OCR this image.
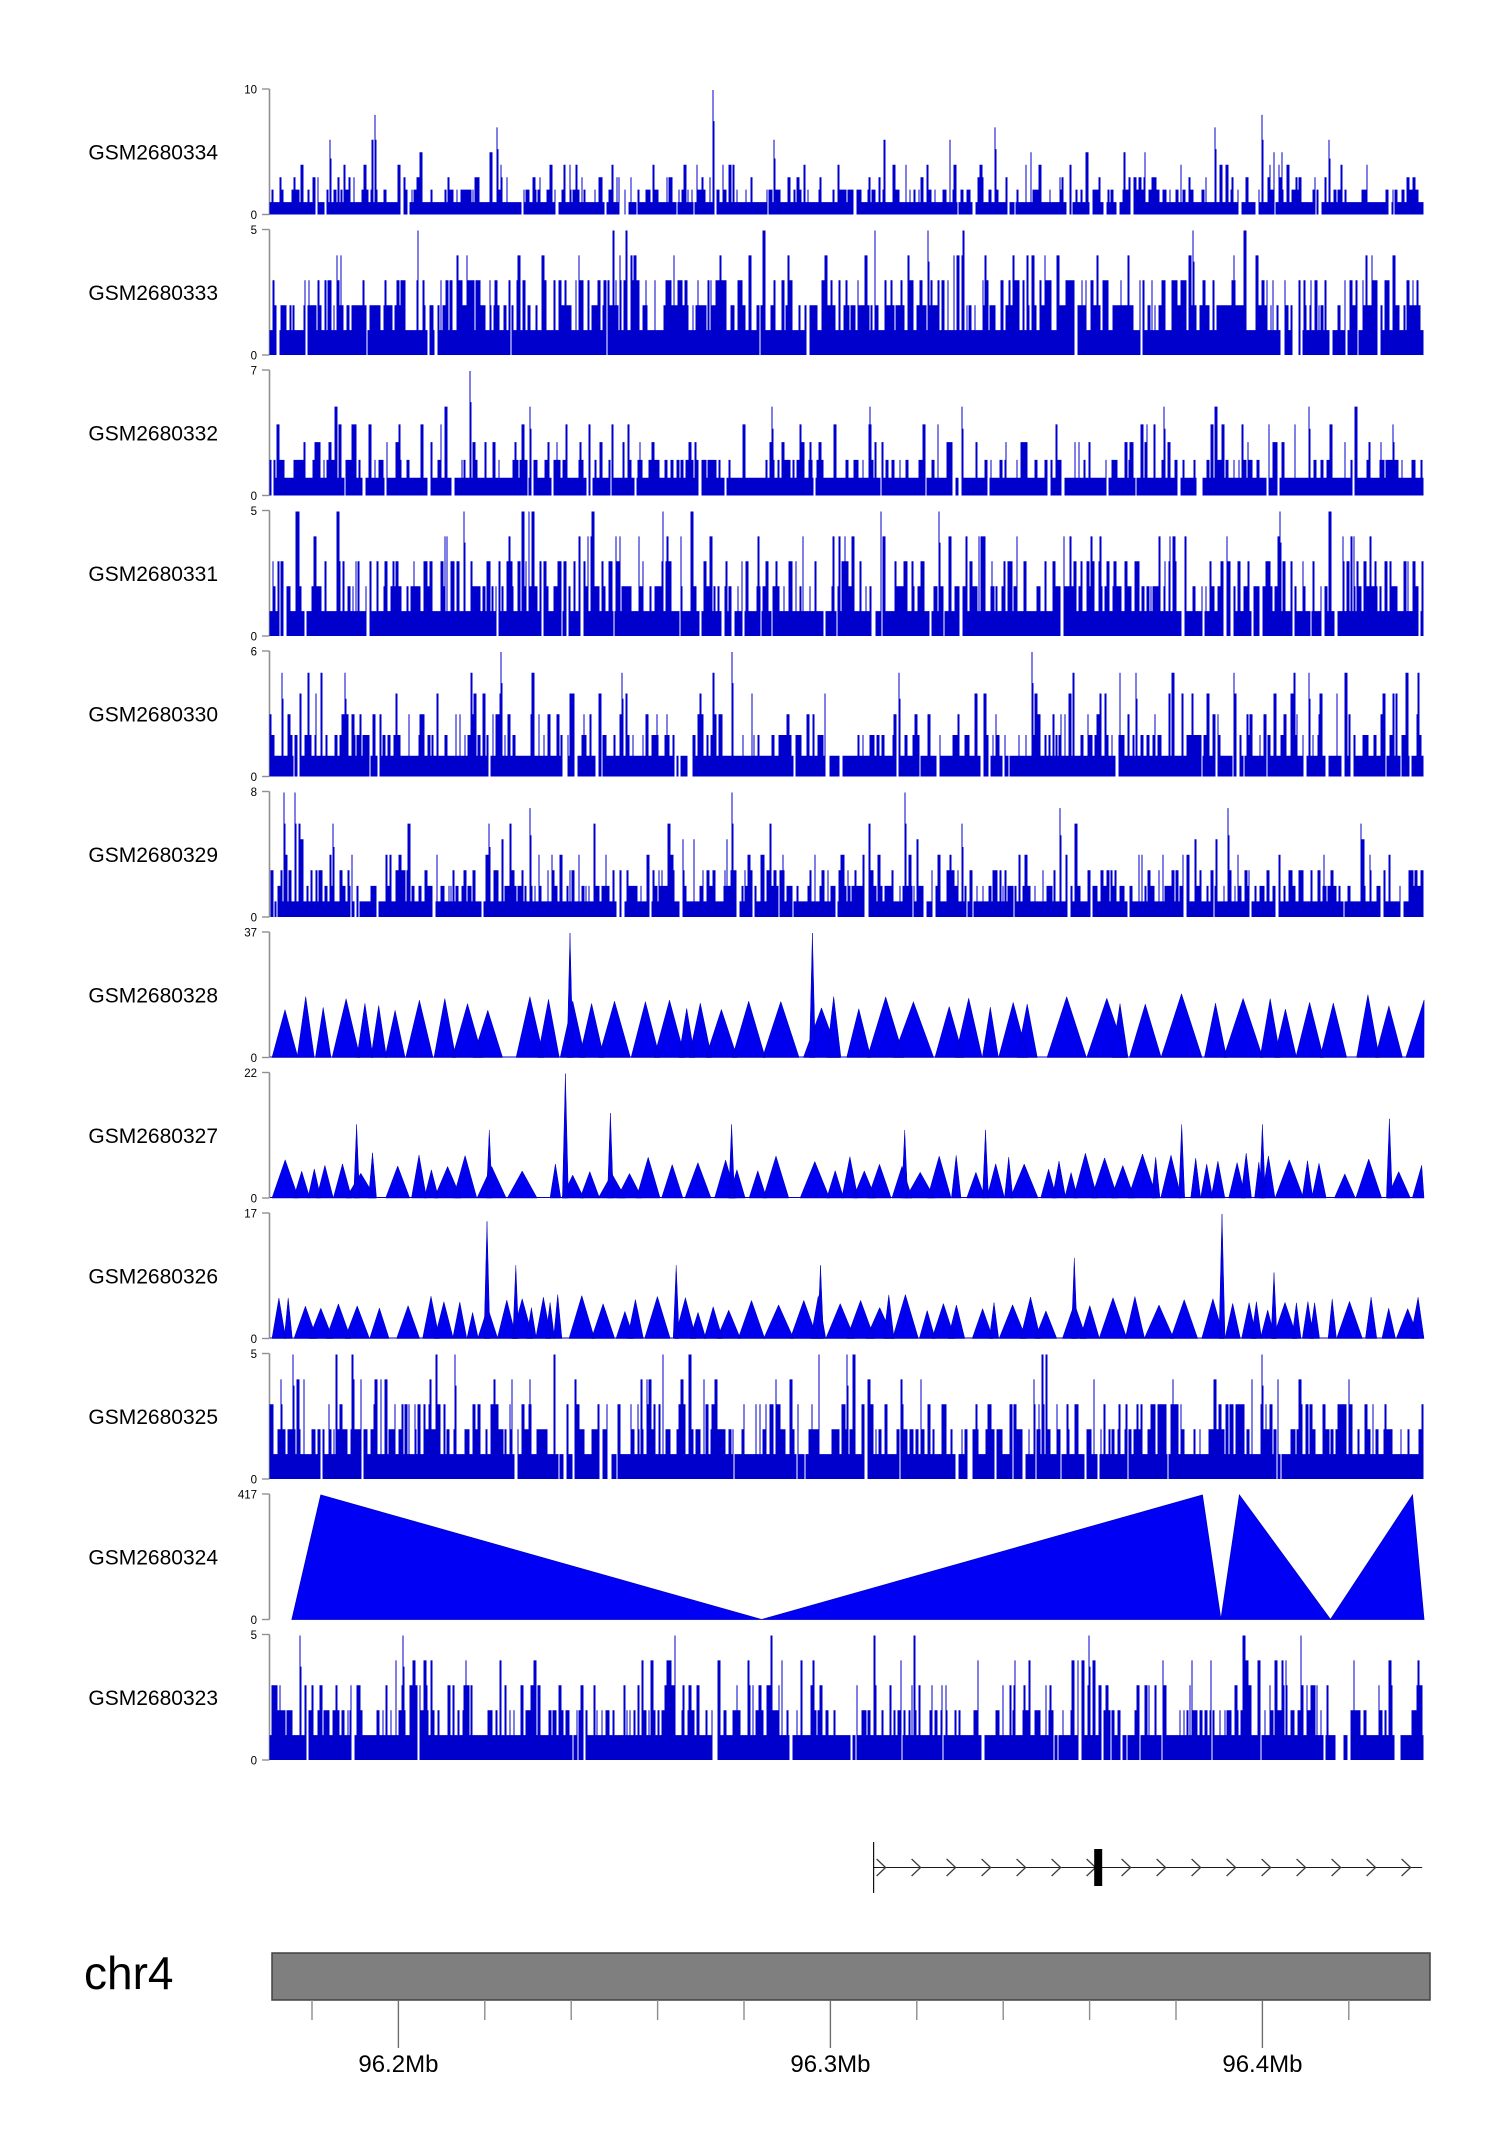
GSM2680334
10
0
GSM2680333
5
0
GSM2680332
7
0
GSM2680331
5
0
GSM2680330
6
0
GSM2680329
8
0
GSM2680328
37
0
GSM2680327
22
0
GSM2680326
17
0
GSM2680325
5
0
GSM2680324
417
0
GSM2680323
5
0
96.2Mb	96.3Mb	96.4Mb
chr4
